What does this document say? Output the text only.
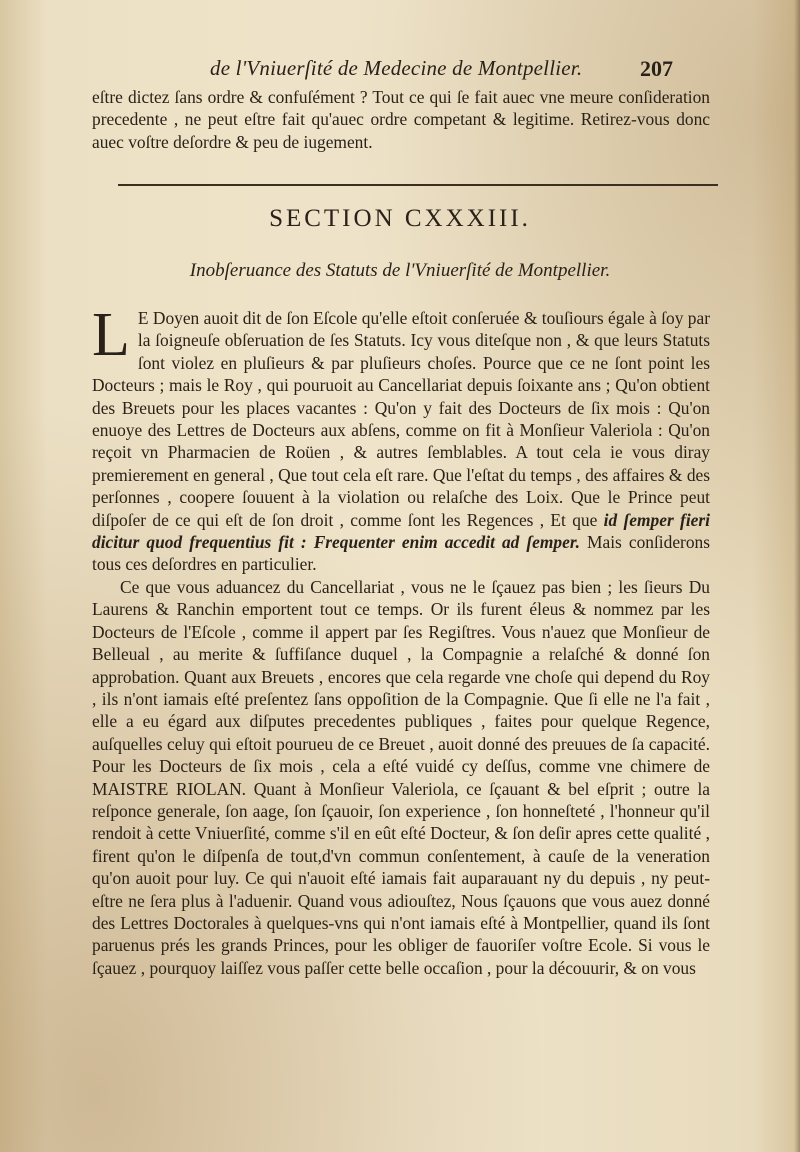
de l'Vniuerſité de Medecine de Montpellier.	207

eſtre dictez ſans ordre & confuſément ? Tout ce qui ſe fait auec vne meure conſideration precedente , ne peut eſtre fait qu'auec ordre competant & legitime. Retirez-vous donc auec voſtre deſordre & peu de iugement.

SECTION CXXXIII.
Inobſeruance des Statuts de l'Vniuerſité de Montpellier.

L E Doyen auoit dit de ſon Eſcole qu'elle eſtoit conſeruée & touſiours égale à ſoy par la ſoigneuſe obſeruation de ſes Statuts. Icy vous diteſque non , & que leurs Statuts ſont violez en pluſieurs & par pluſieurs choſes. Pource que ce ne ſont point les Docteurs ; mais le Roy , qui pouruoit au Cancellariat depuis ſoixante ans ; Qu'on obtient des Breuets pour les places vacantes : Qu'on y fait des Docteurs de ſix mois : Qu'on enuoye des Lettres de Docteurs aux abſens, comme on fit à Monſieur Valeriola : Qu'on reçoit vn Pharmacien de Roüen , & autres ſemblables. A tout cela ie vous diray premierement en general , Que tout cela eſt rare. Que l'eſtat du temps , des affaires & des perſonnes , coopere ſouuent à la violation ou relaſche des Loix. Que le Prince peut diſpoſer de ce qui eſt de ſon droit , comme ſont les Regences , Et que id ſemper fieri dicitur quod frequentius fit : Frequenter enim accedit ad ſemper. Mais conſiderons tous ces deſordres en particulier.

Ce que vous aduancez du Cancellariat , vous ne le ſçauez pas bien ; les ſieurs Du Laurens & Ranchin emportent tout ce temps. Or ils furent éleus & nommez par les Docteurs de l'Eſcole , comme il appert par ſes Regiſtres. Vous n'auez que Monſieur de Belleual , au merite & ſuffiſance duquel , la Compagnie a relaſché & donné ſon approbation. Quant aux Breuets , encores que cela regarde vne choſe qui depend du Roy , ils n'ont iamais eſté preſentez ſans oppoſition de la Compagnie. Que ſi elle ne l'a fait , elle a eu égard aux diſputes precedentes publiques , faites pour quelque Regence, auſquelles celuy qui eſtoit pourueu de ce Breuet , auoit donné des preuues de ſa capacité. Pour les Docteurs de ſix mois , cela a eſté vuidé cy deſſus, comme vne chimere de MAISTRE RIOLAN. Quant à Monſieur Valeriola, ce ſçauant & bel eſprit ; outre la reſponce generale, ſon aage, ſon ſçauoir, ſon experience , ſon honneſteté , l'honneur qu'il rendoit à cette Vniuerſité, comme s'il en eût eſté Docteur, & ſon deſir apres cette qualité , firent qu'on le diſpenſa de tout,d'vn commun conſentement, à cauſe de la veneration qu'on auoit pour luy. Ce qui n'auoit eſté iamais fait auparauant ny du depuis , ny peut-eſtre ne ſera plus à l'aduenir. Quand vous adiouſtez, Nous ſçauons que vous auez donné des Lettres Doctorales à quelques-vns qui n'ont iamais eſté à Montpellier, quand ils ſont paruenus prés les grands Princes, pour les obliger de fauoriſer voſtre Ecole. Si vous le ſçauez , pourquoy laiſſez vous paſſer cette belle occaſion , pour la découurir, & on vous
